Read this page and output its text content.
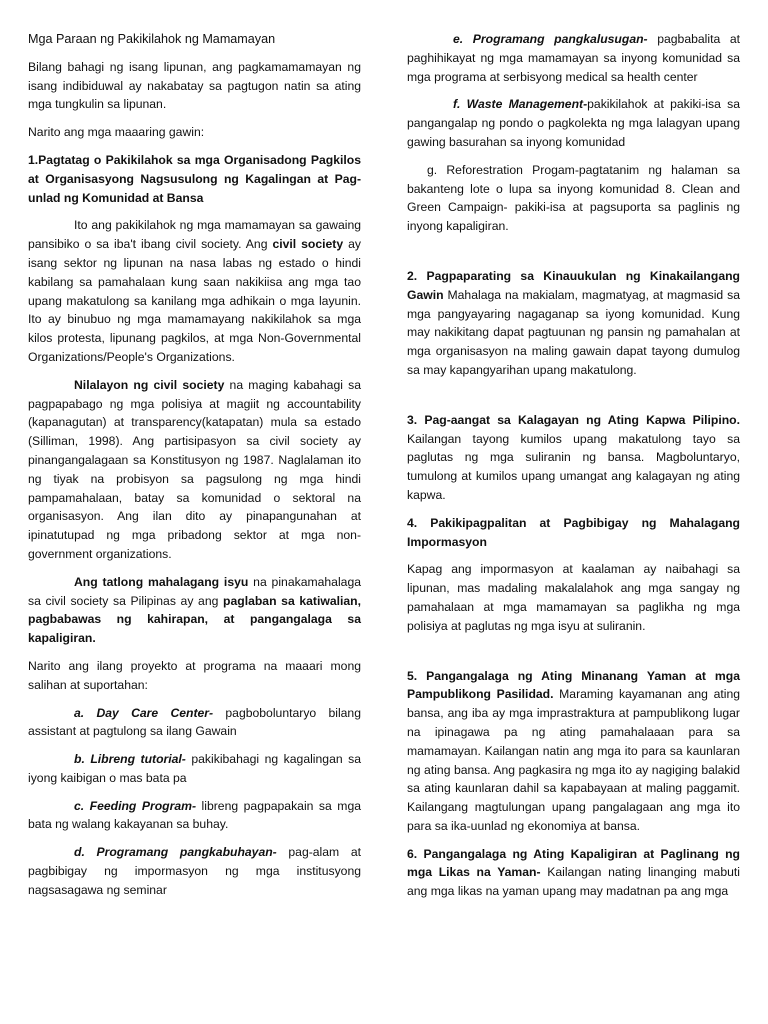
Mga Paraan ng Pakikilahok ng Mamamayan

Bilang bahagi ng isang lipunan, ang pagkamamamayan ng isang indibiduwal ay nakabatay sa pagtugon natin sa ating mga tungkulin sa lipunan.

Narito ang mga maaaring gawin:

1.Pagtatag o Pakikilahok sa mga Organisadong Pagkilos at Organisasyong Nagsusulong ng Kagalingan at Pag-unlad ng Komunidad at Bansa

Ito ang pakikilahok ng mga mamamayan sa gawaing pansibiko o sa iba't ibang civil society. Ang civil society ay isang sektor ng lipunan na nasa labas ng estado o hindi kabilang sa pamahalaan kung saan nakikiisa ang mga tao upang makatulong sa kanilang mga adhikain o mga layunin. Ito ay binubuo ng mga mamamayang nakikilahok sa mga kilos protesta, lipunang pagkilos, at mga Non-Governmental Organizations/People's Organizations.

Nilalayon ng civil society na maging kabahagi sa pagpapabago ng mga polisiya at magiit ng accountability (kapanagutan) at transparency(katapatan) mula sa estado (Silliman, 1998). Ang partisipasyon sa civil society ay pinangangalagaan sa Konstitusyon ng 1987. Naglalaman ito ng tiyak na probisyon sa pagsulong ng mga hindi pampamahalaan, batay sa komunidad o sektoral na organisasyon. Ang ilan dito ay pinapangunahan at ipinatutupad ng mga pribadong sektor at mga non-government organizations.

Ang tatlong mahalagang isyu na pinakamahalaga sa civil society sa Pilipinas ay ang paglaban sa katiwalian, pagbabawas ng kahirapan, at pangangalaga sa kapaligiran.

Narito ang ilang proyekto at programa na maaari mong salihan at suportahan:

a. Day Care Center- pagboboluntaryo bilang assistant at pagtulong sa ilang Gawain

b. Libreng tutorial- pakikibahagi ng kagalingan sa iyong kaibigan o mas bata pa

c. Feeding Program- libreng pagpapakain sa mga bata ng walang kakayanan sa buhay.

d. Programang pangkabuhayan- pag-alam at pagbibigay ng impormasyon ng mga institusyong nagsasagawa ng seminar

e. Programang pangkalusugan- pagbabalita at paghihikayat ng mga mamamayan sa inyong komunidad sa mga programa at serbisyong medical sa health center

f. Waste Management-pakikilahok at pakiki-isa sa pangangalap ng pondo o pagkolekta ng mga lalagyan upang gawing basurahan sa inyong komunidad

g. Reforestration Progam-pagtatanim ng halaman sa bakanteng lote o lupa sa inyong komunidad 8. Clean and Green Campaign- pakiki-isa at pagsuporta sa paglinis ng inyong kapaligiran.

2. Pagpaparating sa Kinauukulan ng Kinakailangang Gawin Mahalaga na makialam, magmatyag, at magmasid sa mga pangyayaring nagaganap sa iyong komunidad. Kung may nakikitang dapat pagtuunan ng pansin ng pamahalan at mga organisasyon na maling gawain dapat tayong dumulog sa may kapangyarihan upang makatulong.

3. Pag-aangat sa Kalagayan ng Ating Kapwa Pilipino. Kailangan tayong kumilos upang makatulong tayo sa paglutas ng mga suliranin ng bansa. Magboluntaryo, tumulong at kumilos upang umangat ang kalagayan ng ating kapwa.

4. Pakikipagpalitan at Pagbibigay ng Mahalagang Impormasyon

Kapag ang impormasyon at kaalaman ay naibahagi sa lipunan, mas madaling makalalahok ang mga sangay ng pamahalaan at mga mamamayan sa paglikha ng mga polisiya at paglutas ng mga isyu at suliranin.

5. Pangangalaga ng Ating Minanang Yaman at mga Pampublikong Pasilidad. Maraming kayamanan ang ating bansa, ang iba ay mga imprastraktura at pampublikong lugar na ipinagawa pa ng ating pamahalaaan para sa mamamayan. Kailangan natin ang mga ito para sa kaunlaran ng ating bansa. Ang pagkasira ng mga ito ay nagiging balakid sa ating kaunlaran dahil sa kapabayaan at maling paggamit. Kailangang magtulungan upang pangalagaan ang mga ito para sa ika-uunlad ng ekonomiya at bansa.

6. Pangangalaga ng Ating Kapaligiran at Paglinang ng mga Likas na Yaman- Kailangan nating linanging mabuti ang mga likas na yaman upang may madatnan pa ang mga
